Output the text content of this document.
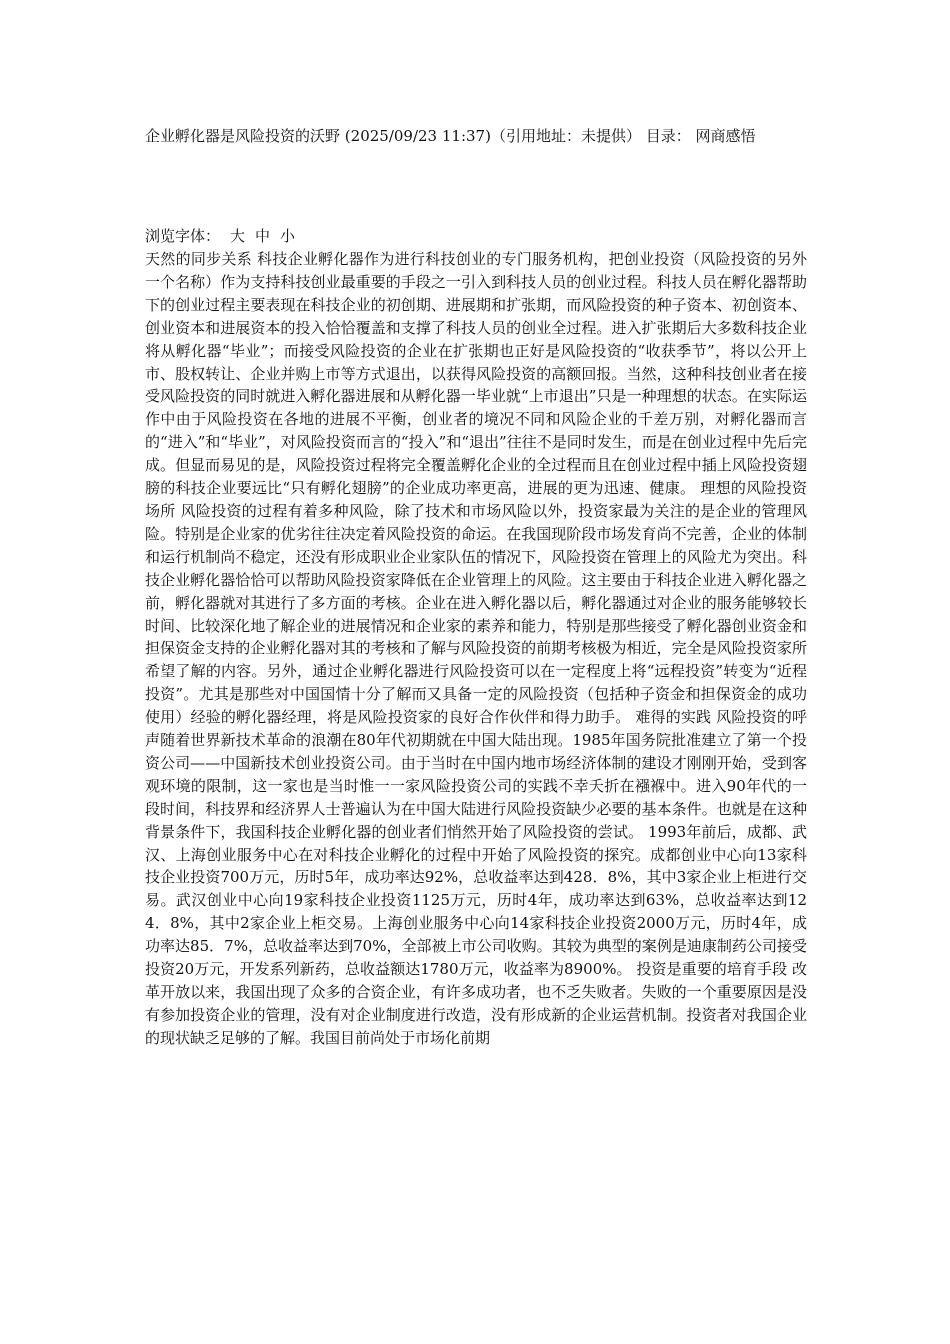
企业孵化器是风险投资的沃野 (2025/09/23 11:37)（引用地址：未提供） 目录： 网商感悟
浏览字体： 大 中 小

天然的同步关系 科技企业孵化器作为进行科技创业的专门服务机构，把创业投资（风险投资的另外一个名称）作为支持科技创业最重要的手段之一引入到科技人员的创业过程。科技人员在孵化器帮助下的创业过程主要表现在科技企业的初创期、进展期和扩张期，而风险投资的种子资本、初创资本、创业资本和进展资本的投入恰恰覆盖和支撑了科技人员的创业全过程。进入扩张期后大多数科技企业将从孵化器“毕业”；而接受风险投资的企业在扩张期也正好是风险投资的“收获季节”，将以公开上市、股权转让、企业并购上市等方式退出，以获得风险投资的高额回报。当然，这种科技创业者在接受风险投资的同时就进入孵化器进展和从孵化器一毕业就“上市退出”只是一种理想的状态。在实际运作中由于风险投资在各地的进展不平衡，创业者的境况不同和风险企业的千差万别，对孵化器而言的“进入”和“毕业”，对风险投资而言的“投入”和“退出”往往不是同时发生，而是在创业过程中先后完成。但显而易见的是，风险投资过程将完全覆盖孵化企业的全过程而且在创业过程中插上风险投资翅膀的科技企业要远比“只有孵化翅膀”的企业成功率更高，进展的更为迅速、健康。 理想的风险投资场所 风险投资的过程有着多种风险，除了技术和市场风险以外，投资家最为关注的是企业的管理风险。特别是企业家的优劣往往决定着风险投资的命运。在我国现阶段市场发育尚不完善，企业的体制和运行机制尚不稳定，还没有形成职业企业家队伍的情况下，风险投资在管理上的风险尤为突出。科技企业孵化器恰恰可以帮助风险投资家降低在企业管理上的风险。这主要由于科技企业进入孵化器之前，孵化器就对其进行了多方面的考核。企业在进入孵化器以后，孵化器通过对企业的服务能够较长时间、比较深化地了解企业的进展情况和企业家的素养和能力，特别是那些接受了孵化器创业资金和担保资金支持的企业孵化器对其的考核和了解与风险投资的前期考核极为相近，完全是风险投资家所希望了解的内容。另外，通过企业孵化器进行风险投资可以在一定程度上将“远程投资”转变为“近程投资”。尤其是那些对中国国情十分了解而又具备一定的风险投资（包括种子资金和担保资金的成功使用）经验的孵化器经理，将是风险投资家的良好合作伙伴和得力助手。 难得的实践 风险投资的呼声随着世界新技术革命的浪潮在80年代初期就在中国大陆出现。1985年国务院批准建立了第一个投资公司——中国新技术创业投资公司。由于当时在中国内地市场经济体制的建设才刚刚开始，受到客观环境的限制，这一家也是当时惟一一家风险投资公司的实践不幸夭折在襁褓中。进入90年代的一段时间，科技界和经济界人士普遍认为在中国大陆进行风险投资缺少必要的基本条件。也就是在这种背景条件下，我国科技企业孵化器的创业者们悄然开始了风险投资的尝试。 1993年前后，成都、武汉、上海创业服务中心在对科技企业孵化的过程中开始了风险投资的探究。成都创业中心向13家科技企业投资700万元，历时5年，成功率达92%，总收益率达到428．8%，其中3家企业上柜进行交易。武汉创业中心向19家科技企业投资1125万元，历时4年，成功率达到63%，总收益率达到124．8%，其中2家企业上柜交易。上海创业服务中心向14家科技企业投资2000万元，历时4年，成功率达85．7%，总收益率达到70%，全部被上市公司收购。其较为典型的案例是迪康制药公司接受投资20万元，开发系列新药，总收益额达1780万元，收益率为8900%。 投资是重要的培育手段 改革开放以来，我国出现了众多的合资企业，有许多成功者，也不乏失败者。失败的一个重要原因是没有参加投资企业的管理，没有对企业制度进行改造，没有形成新的企业运营机制。投资者对我国企业的现状缺乏足够的了解。我国目前尚处于市场化前期
